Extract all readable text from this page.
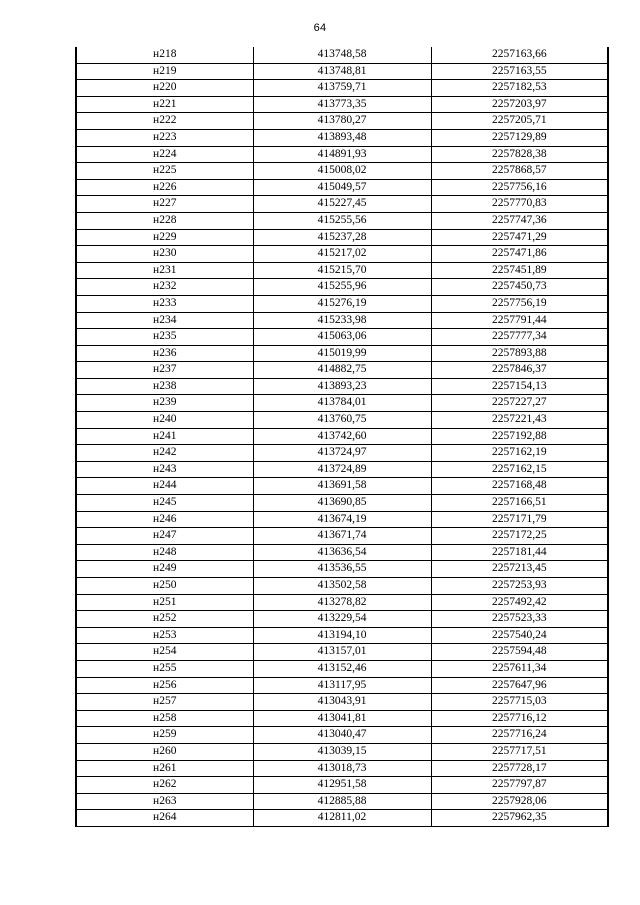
64
н218	413748,58	2257163,66
н219	413748,81	2257163,55
н220	413759,71	2257182,53
н221	413773,35	2257203,97
н222	413780,27	2257205,71
н223	413893,48	2257129,89
н224	414891,93	2257828,38
н225	415008,02	2257868,57
н226	415049,57	2257756,16
н227	415227,45	2257770,83
н228	415255,56	2257747,36
н229	415237,28	2257471,29
н230	415217,02	2257471,86
н231	415215,70	2257451,89
н232	415255,96	2257450,73
н233	415276,19	2257756,19
н234	415233,98	2257791,44
н235	415063,06	2257777,34
н236	415019,99	2257893,88
н237	414882,75	2257846,37
н238	413893,23	2257154,13
н239	413784,01	2257227,27
н240	413760,75	2257221,43
н241	413742,60	2257192,88
н242	413724,97	2257162,19
н243	413724,89	2257162,15
н244	413691,58	2257168,48
н245	413690,85	2257166,51
н246	413674,19	2257171,79
н247	413671,74	2257172,25
н248	413636,54	2257181,44
н249	413536,55	2257213,45
н250	413502,58	2257253,93
н251	413278,82	2257492,42
н252	413229,54	2257523,33
н253	413194,10	2257540,24
н254	413157,01	2257594,48
н255	413152,46	2257611,34
н256	413117,95	2257647,96
н257	413043,91	2257715,03
н258	413041,81	2257716,12
н259	413040,47	2257716,24
н260	413039,15	2257717,51
н261	413018,73	2257728,17
н262	412951,58	2257797,87
н263	412885,88	2257928,06
н264	412811,02	2257962,35
